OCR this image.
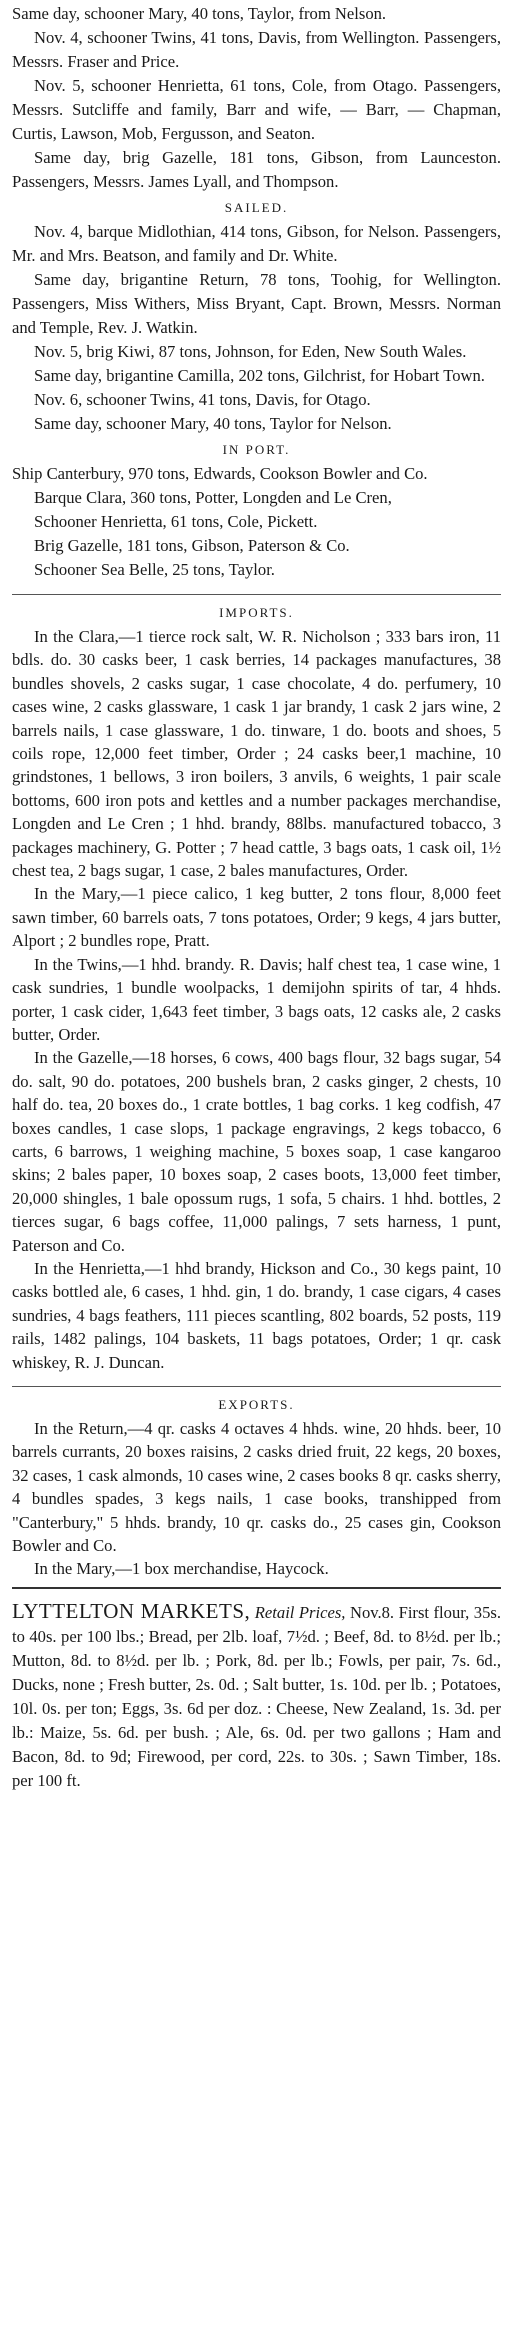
Same day, schooner Mary, 40 tons, Taylor, from Nelson.

Nov. 4, schooner Twins, 41 tons, Davis, from Wellington. Passengers, Messrs. Fraser and Price.

Nov. 5, schooner Henrietta, 61 tons, Cole, from Otago. Passengers, Messrs. Sutcliffe and family, Barr and wife, — Barr, — Chapman, Curtis, Lawson, Mob, Fergusson, and Seaton.

Same day, brig Gazelle, 181 tons, Gibson, from Launceston. Passengers, Messrs. James Lyall, and Thompson.

SAILED.

Nov. 4, barque Midlothian, 414 tons, Gibson, for Nelson. Passengers, Mr. and Mrs. Beatson, and family and Dr. White.

Same day, brigantine Return, 78 tons, Toohig, for Wellington. Passengers, Miss Withers, Miss Bryant, Capt. Brown, Messrs. Norman and Temple, Rev. J. Watkin.

Nov. 5, brig Kiwi, 87 tons, Johnson, for Eden, New South Wales.

Same day, brigantine Camilla, 202 tons, Gilchrist, for Hobart Town.

Nov. 6, schooner Twins, 41 tons, Davis, for Otago.

Same day, schooner Mary, 40 tons, Taylor for Nelson.

IN PORT.

Ship Canterbury, 970 tons, Edwards, Cookson Bowler and Co.

Barque Clara, 360 tons, Potter, Longden and Le Cren,

Schooner Henrietta, 61 tons, Cole, Pickett.

Brig Gazelle, 181 tons, Gibson, Paterson & Co.

Schooner Sea Belle, 25 tons, Taylor.

IMPORTS.

In the Clara,—1 tierce rock salt, W. R. Nicholson ; 333 bars iron, 11 bdls. do. 30 casks beer, 1 cask berries, 14 packages manufactures, 38 bundles shovels, 2 casks sugar, 1 case chocolate, 4 do. perfumery, 10 cases wine, 2 casks glassware, 1 cask 1 jar brandy, 1 cask 2 jars wine, 2 barrels nails, 1 case glassware, 1 do. tinware, 1 do. boots and shoes, 5 coils rope, 12,000 feet timber, Order ; 24 casks beer,1 machine, 10 grindstones, 1 bellows, 3 iron boilers, 3 anvils, 6 weights, 1 pair scale bottoms, 600 iron pots and kettles and a number packages merchandise, Longden and Le Cren ; 1 hhd. brandy, 88lbs. manufactured tobacco, 3 packages machinery, G. Potter ; 7 head cattle, 3 bags oats, 1 cask oil, 1½ chest tea, 2 bags sugar, 1 case, 2 bales manufactures, Order.

In the Mary,—1 piece calico, 1 keg butter, 2 tons flour, 8,000 feet sawn timber, 60 barrels oats, 7 tons potatoes, Order; 9 kegs, 4 jars butter, Alport ; 2 bundles rope, Pratt.

In the Twins,—1 hhd. brandy. R. Davis; half chest tea, 1 case wine, 1 cask sundries, 1 bundle woolpacks, 1 demijohn spirits of tar, 4 hhds. porter, 1 cask cider, 1,643 feet timber, 3 bags oats, 12 casks ale, 2 casks butter, Order.

In the Gazelle,—18 horses, 6 cows, 400 bags flour, 32 bags sugar, 54 do. salt, 90 do. potatoes, 200 bushels bran, 2 casks ginger, 2 chests, 10 half do. tea, 20 boxes do., 1 crate bottles, 1 bag corks. 1 keg codfish, 47 boxes candles, 1 case slops, 1 package engravings, 2 kegs tobacco, 6 carts, 6 barrows, 1 weighing machine, 5 boxes soap, 1 case kangaroo skins; 2 bales paper, 10 boxes soap, 2 cases boots, 13,000 feet timber, 20,000 shingles, 1 bale opossum rugs, 1 sofa, 5 chairs. 1 hhd. bottles, 2 tierces sugar, 6 bags coffee, 11,000 palings, 7 sets harness, 1 punt, Paterson and Co.

In the Henrietta,—1 hhd brandy, Hickson and Co., 30 kegs paint, 10 casks bottled ale, 6 cases, 1 hhd. gin, 1 do. brandy, 1 case cigars, 4 cases sundries, 4 bags feathers, 111 pieces scantling, 802 boards, 52 posts, 119 rails, 1482 palings, 104 baskets, 11 bags potatoes, Order; 1 qr. cask whiskey, R. J. Duncan.

EXPORTS.

In the Return,—4 qr. casks 4 octaves 4 hhds. wine, 20 hhds. beer, 10 barrels currants, 20 boxes raisins, 2 casks dried fruit, 22 kegs, 20 boxes, 32 cases, 1 cask almonds, 10 cases wine, 2 cases books 8 qr. casks sherry, 4 bundles spades, 3 kegs nails, 1 case books, transhipped from "Canterbury," 5 hhds. brandy, 10 qr. casks do., 25 cases gin, Cookson Bowler and Co.

In the Mary,—1 box merchandise, Haycock.

LYTTELTON MARKETS, Retail Prices, Nov.8. First flour, 35s. to 40s. per 100 lbs.; Bread, per 2lb. loaf, 7½d. ; Beef, 8d. to 8½d. per lb.; Mutton, 8d. to 8½d. per lb. ; Pork, 8d. per lb.; Fowls, per pair, 7s. 6d., Ducks, none ; Fresh butter, 2s. 0d. ; Salt butter, 1s. 10d. per lb. ; Potatoes, 10l. 0s. per ton; Eggs, 3s. 6d per doz. : Cheese, New Zealand, 1s. 3d. per lb.: Maize, 5s. 6d. per bush. ; Ale, 6s. 0d. per two gallons ; Ham and Bacon, 8d. to 9d; Firewood, per cord, 22s. to 30s. ; Sawn Timber, 18s. per 100 ft.
